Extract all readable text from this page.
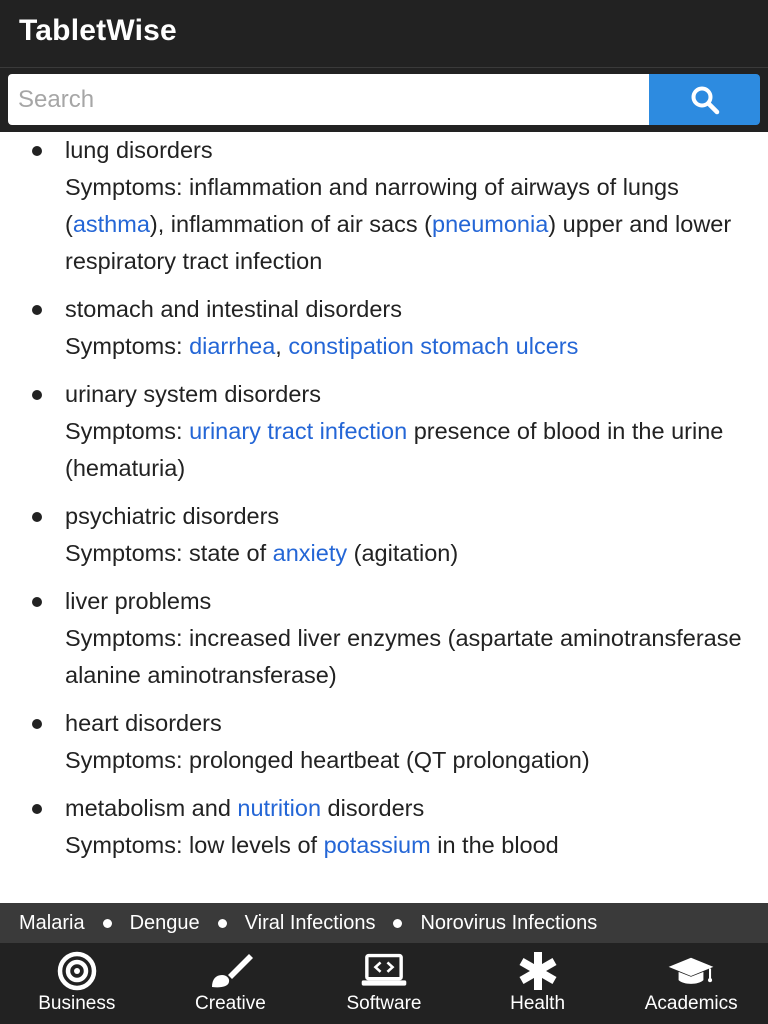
TabletWise
Search
lung disorders
Symptoms: inflammation and narrowing of airways of lungs (asthma), inflammation of air sacs (pneumonia) upper and lower respiratory tract infection
stomach and intestinal disorders
Symptoms: diarrhea, constipation stomach ulcers
urinary system disorders
Symptoms: urinary tract infection presence of blood in the urine (hematuria)
psychiatric disorders
Symptoms: state of anxiety (agitation)
liver problems
Symptoms: increased liver enzymes (aspartate aminotransferase alanine aminotransferase)
heart disorders
Symptoms: prolonged heartbeat (QT prolongation)
metabolism and nutrition disorders
Symptoms: low levels of potassium in the blood
Malaria Dengue Viral Infections Norovirus Infections
Business	Creative	Software	Health	Academics
